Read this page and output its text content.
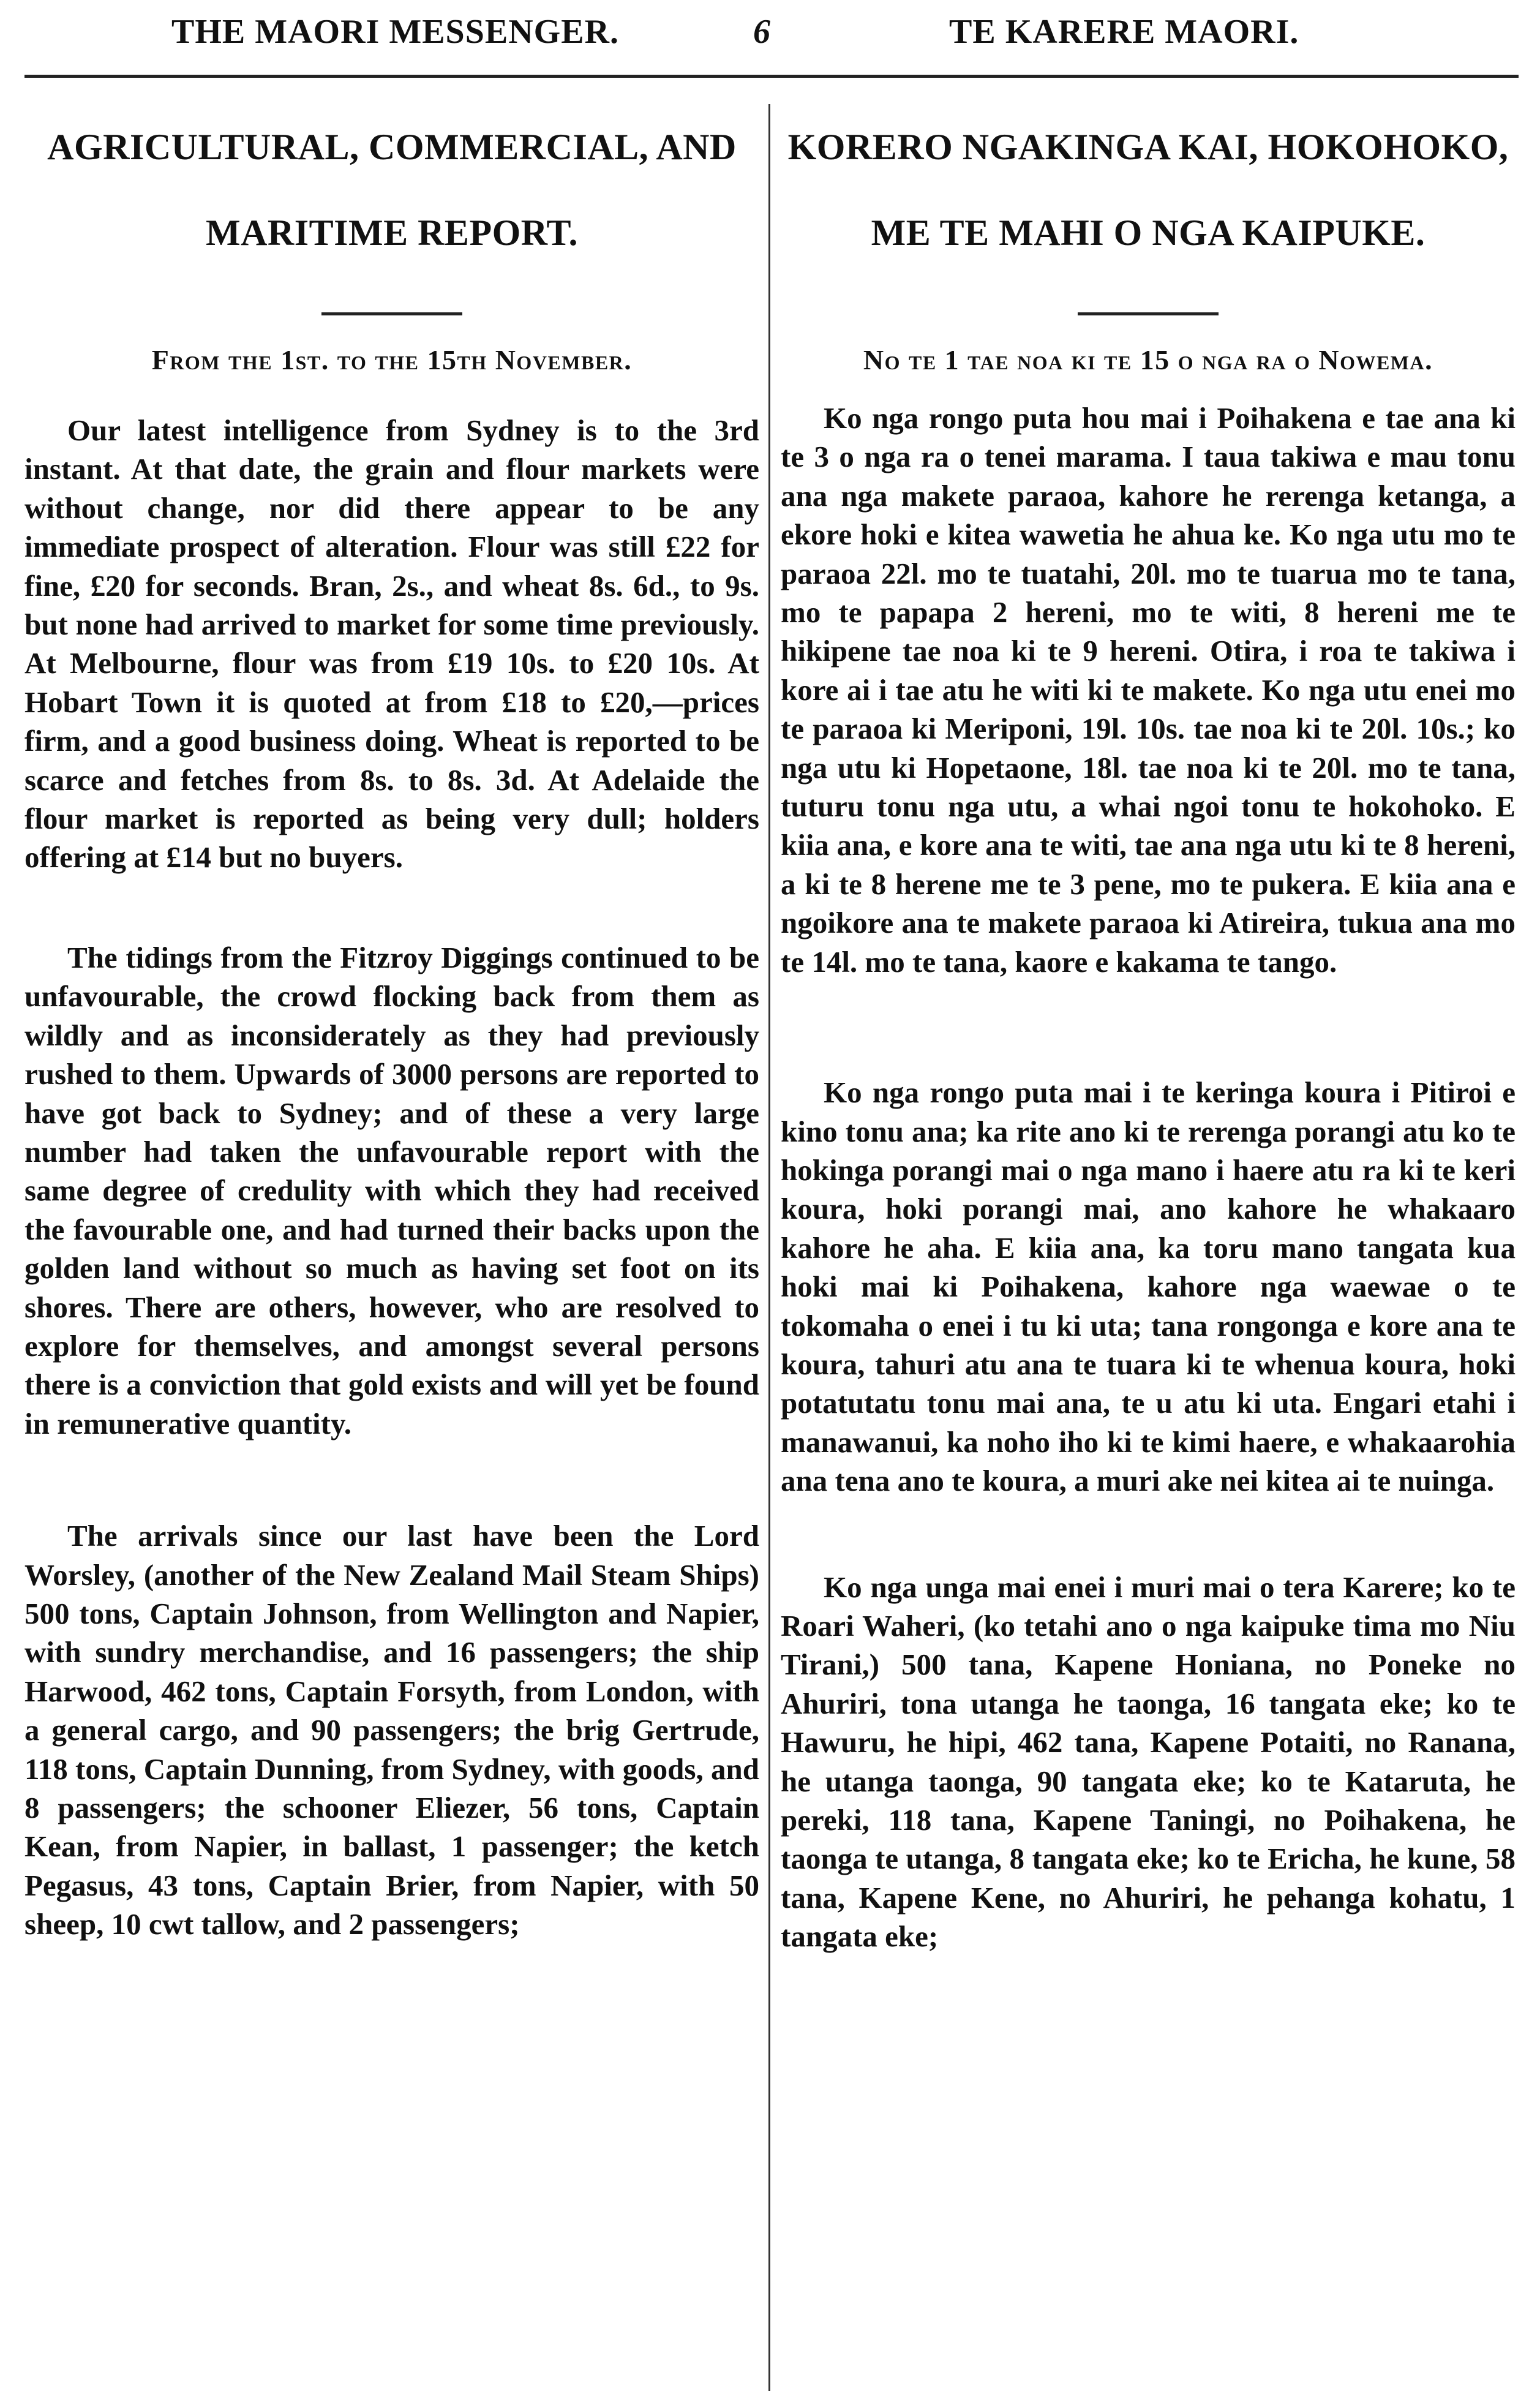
THE MAORI MESSENGER.	6	TE KARERE MAORI.

AGRICULTURAL, COMMERCIAL, AND

MARITIME REPORT.

From the 1st. to the 15th November.

Our latest intelligence from Sydney is to the 3rd instant. At that date, the grain and flour markets were without change, nor did there appear to be any immediate prospect of alteration. Flour was still £22 for fine, £20 for seconds. Bran, 2s., and wheat 8s. 6d., to 9s. but none had arrived to market for some time previously. At Melbourne, flour was from £19 10s. to £20 10s. At Hobart Town it is quoted at from £18 to £20,—prices firm, and a good business doing. Wheat is reported to be scarce and fetches from 8s. to 8s. 3d. At Adelaide the flour market is reported as being very dull; holders offering at £14 but no buyers.

The tidings from the Fitzroy Diggings continued to be unfavourable, the crowd flocking back from them as wildly and as inconsiderately as they had previously rushed to them. Upwards of 3000 persons are reported to have got back to Sydney; and of these a very large number had taken the unfavourable report with the same degree of credulity with which they had received the favourable one, and had turned their backs upon the golden land without so much as having set foot on its shores. There are others, however, who are resolved to explore for themselves, and amongst several persons there is a conviction that gold exists and will yet be found in remunerative quantity.

The arrivals since our last have been the Lord Worsley, (another of the New Zealand Mail Steam Ships) 500 tons, Captain Johnson, from Wellington and Napier, with sundry merchandise, and 16 passengers; the ship Harwood, 462 tons, Captain Forsyth, from London, with a general cargo, and 90 passengers; the brig Gertrude, 118 tons, Captain Dunning, from Sydney, with goods, and 8 passengers; the schooner Eliezer, 56 tons, Captain Kean, from Napier, in ballast, 1 passenger; the ketch Pegasus, 43 tons, Captain Brier, from Napier, with 50 sheep, 10 cwt tallow, and 2 passengers;

KORERO NGAKINGA KAI, HOKOHOKO,

ME TE MAHI O NGA KAIPUKE.

No te 1 tae noa ki te 15 o nga ra o Nowema.

Ko nga rongo puta hou mai i Poihakena e tae ana ki te 3 o nga ra o tenei marama. I taua takiwa e mau tonu ana nga makete paraoa, kahore he rerenga ketanga, a ekore hoki e kitea wawetia he ahua ke. Ko nga utu mo te paraoa 22l. mo te tuatahi, 20l. mo te tuarua mo te tana, mo te papapa 2 hereni, mo te witi, 8 hereni me te hikipene tae noa ki te 9 hereni. Otira, i roa te takiwa i kore ai i tae atu he witi ki te makete. Ko nga utu enei mo te paraoa ki Meriponi, 19l. 10s. tae noa ki te 20l. 10s.; ko nga utu ki Hopetaone, 18l. tae noa ki te 20l. mo te tana, tuturu tonu nga utu, a whai ngoi tonu te hokohoko. E kiia ana, e kore ana te witi, tae ana nga utu ki te 8 hereni, a ki te 8 herene me te 3 pene, mo te pukera. E kiia ana e ngoikore ana te makete paraoa ki Atireira, tukua ana mo te 14l. mo te tana, kaore e kakama te tango.

Ko nga rongo puta mai i te keringa koura i Pitiroi e kino tonu ana; ka rite ano ki te rerenga porangi atu ko te hokinga porangi mai o nga mano i haere atu ra ki te keri koura, hoki porangi mai, ano kahore he whakaaro kahore he aha. E kiia ana, ka toru mano tangata kua hoki mai ki Poihakena, kahore nga waewae o te tokomaha o enei i tu ki uta; tana rongonga e kore ana te koura, tahuri atu ana te tuara ki te whenua koura, hoki potatutatu tonu mai ana, te u atu ki uta. Engari etahi i manawanui, ka noho iho ki te kimi haere, e whakaarohia ana tena ano te koura, a muri ake nei kitea ai te nuinga.

Ko nga unga mai enei i muri mai o tera Karere; ko te Roari Waheri, (ko tetahi ano o nga kaipuke tima mo Niu Tirani,) 500 tana, Kapene Honiana, no Poneke no Ahuriri, tona utanga he taonga, 16 tangata eke; ko te Hawuru, he hipi, 462 tana, Kapene Potaiti, no Ranana, he utanga taonga, 90 tangata eke; ko te Kataruta, he pereki, 118 tana, Kapene Taningi, no Poihakena, he taonga te utanga, 8 tangata eke; ko te Ericha, he kune, 58 tana, Kapene Kene, no Ahuriri, he pehanga kohatu, 1 tangata eke;
